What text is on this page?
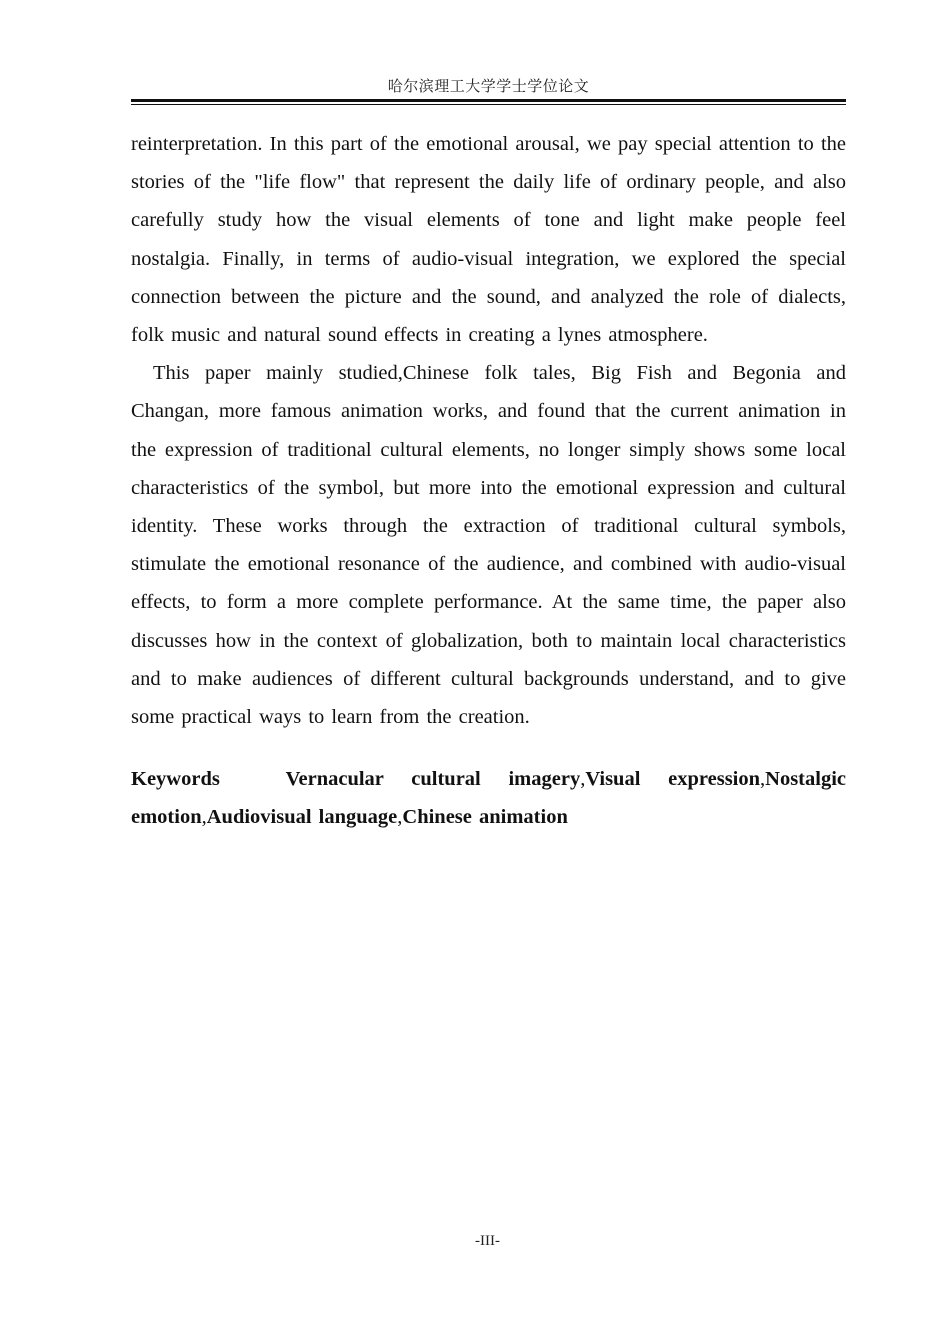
哈尔滨理工大学学士学位论文

reinterpretation. In this part of the emotional arousal, we pay special attention to the stories of the "life flow" that represent the daily life of ordinary people, and also carefully study how the visual elements of tone and light make people feel nostalgia. Finally, in terms of audio-visual integration, we explored the special connection between the picture and the sound, and analyzed the role of dialects, folk music and natural sound effects in creating a lynes atmosphere.

This paper mainly studied,Chinese folk tales, Big Fish and Begonia and Changan, more famous animation works, and found that the current animation in the expression of traditional cultural elements, no longer simply shows some local characteristics of the symbol, but more into the emotional expression and cultural identity. These works through the extraction of traditional cultural symbols, stimulate the emotional resonance of the audience, and combined with audio-visual effects, to form a more complete performance. At the same time, the paper also discusses how in the context of globalization, both to maintain local characteristics and to make audiences of different cultural backgrounds understand, and to give some practical ways to learn from the creation.

Keywords	Vernacular cultural imagery,Visual expression,Nostalgic emotion,Audiovisual language,Chinese animation

-III-
